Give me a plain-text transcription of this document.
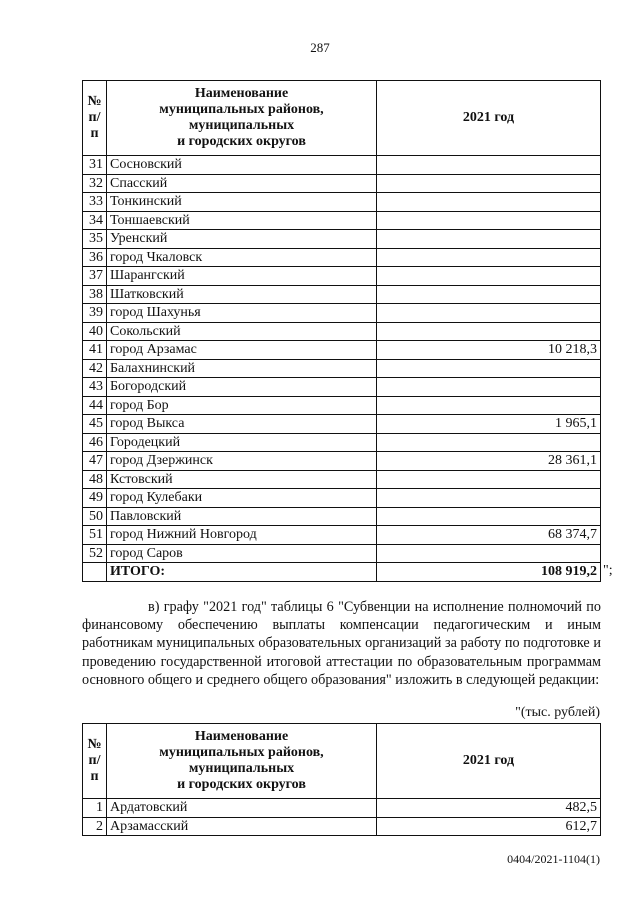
287
№ п/п	Наименование
муниципальных районов,
муниципальных
и городских округов	2021 год
31	Сосновский	
32	Спасский	
33	Тонкинский	
34	Тоншаевский	
35	Уренский	
36	город Чкаловск	
37	Шарангский	
38	Шатковский	
39	город Шахунья	
40	Сокольский	
41	город Арзамас	10 218,3
42	Балахнинский	
43	Богородский	
44	город Бор	
45	город Выкса	1 965,1
46	Городецкий	
47	город Дзержинск	28 361,1
48	Кстовский	
49	город Кулебаки	
50	Павловский	
51	город Нижний Новгород	68 374,7
52	город Саров	
	ИТОГО:	108 919,2 ";
в) графу "2021 год" таблицы 6 "Субвенции на исполнение полномочий по финансовому обеспечению выплаты компенсации педагогическим и иным работникам муниципальных образовательных организаций за работу по подготовке и проведению государственной итоговой аттестации по образовательным программам основного общего и среднего общего образования" изложить в следующей редакции:
"(тыс. рублей)
№ п/п	Наименование
муниципальных районов,
муниципальных
и городских округов	2021 год
1	Ардатовский	482,5
2	Арзамасский	612,7
0404/2021-1104(1)
